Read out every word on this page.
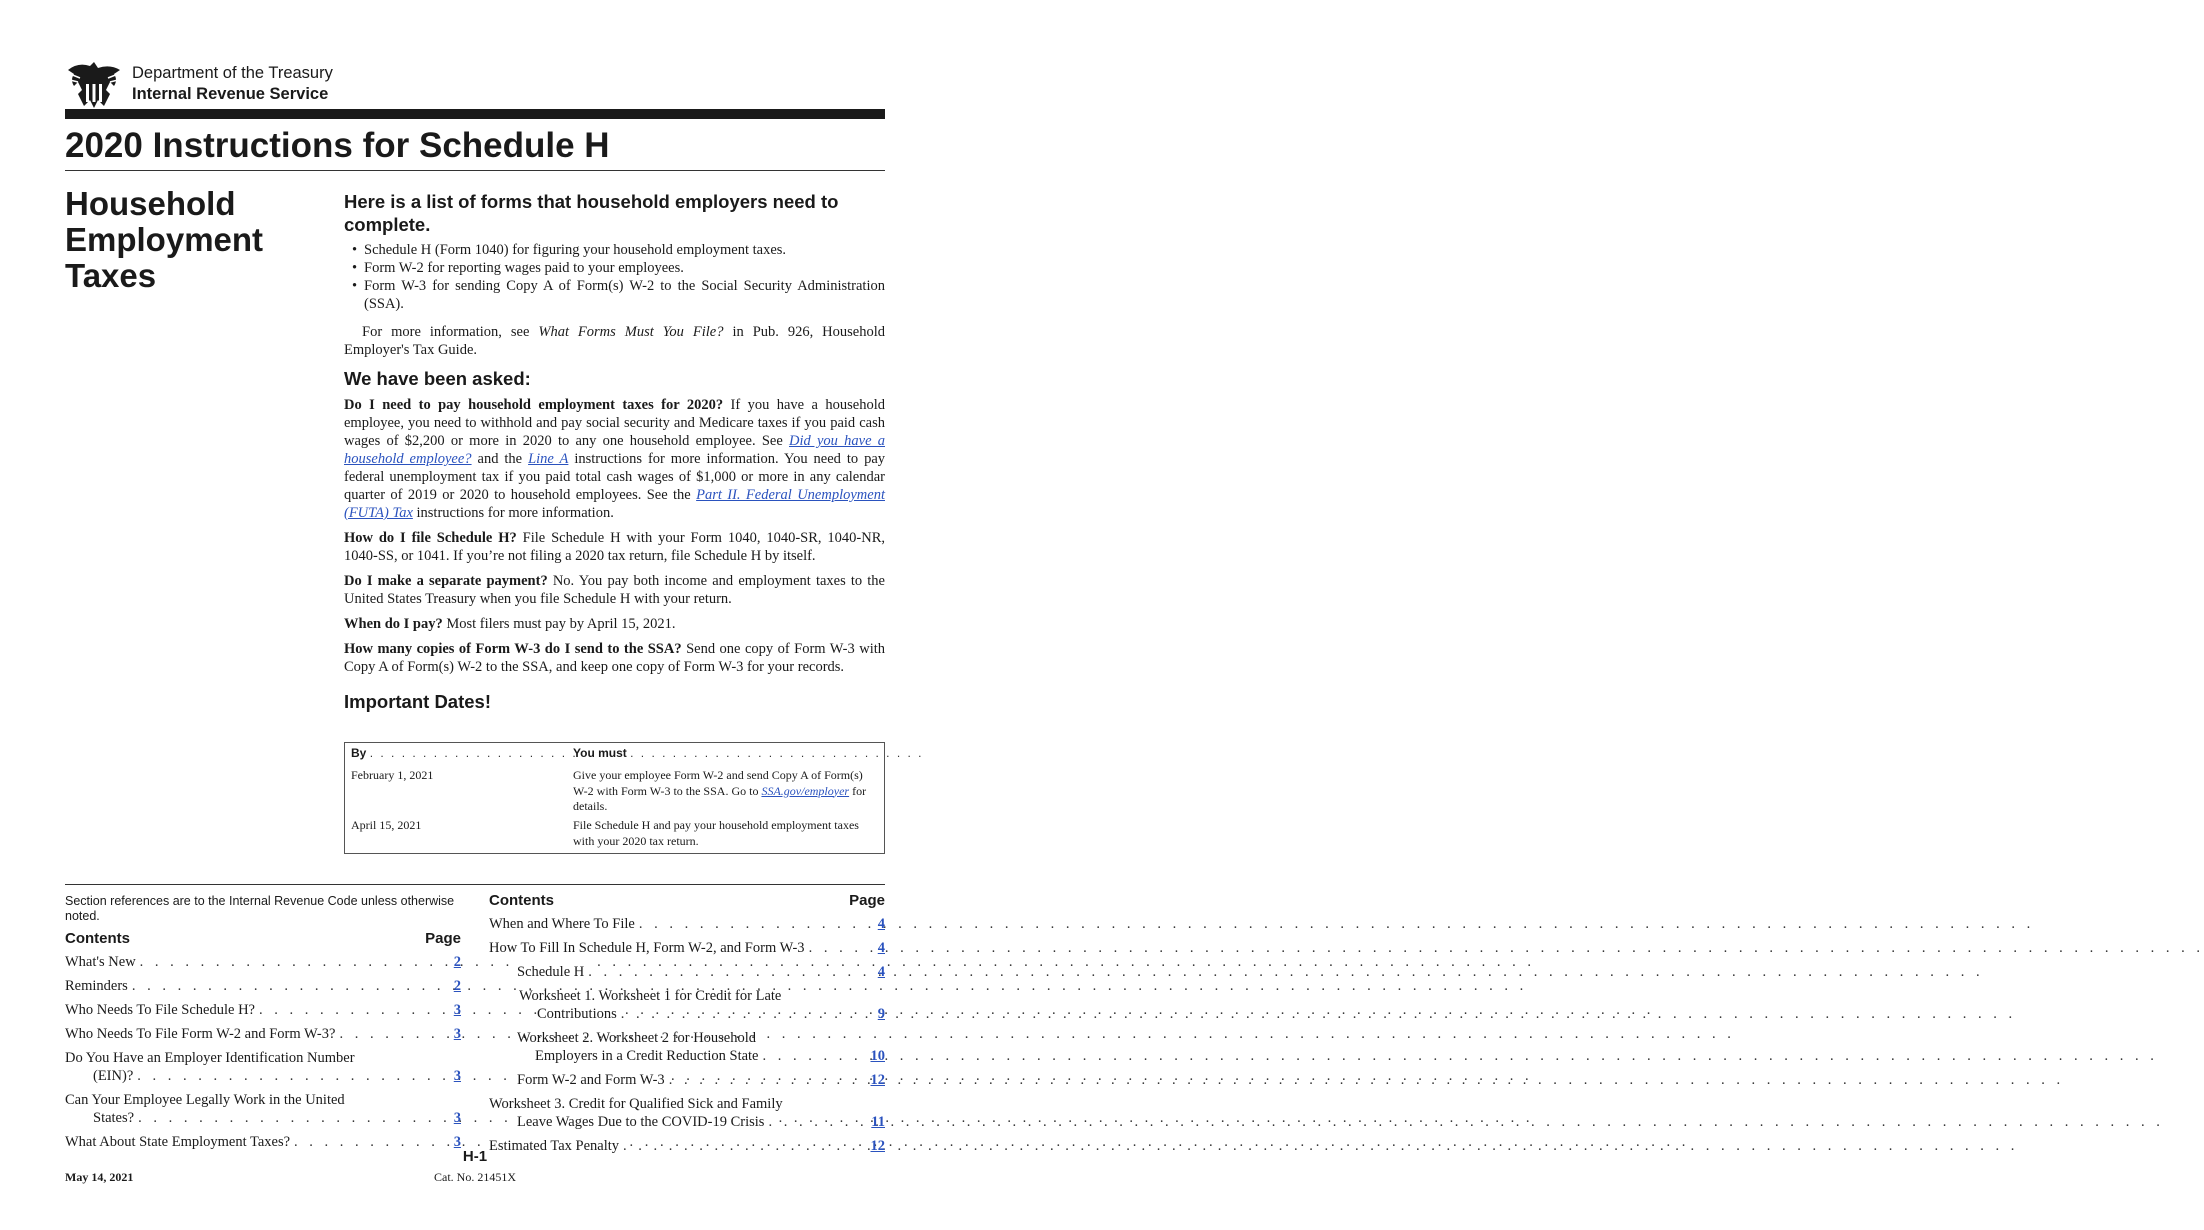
Department of the Treasury
Internal Revenue Service
2020 Instructions for Schedule H
Household Employment Taxes
Here is a list of forms that household employers need to complete.
• Schedule H (Form 1040) for figuring your household employment taxes.
• Form W-2 for reporting wages paid to your employees.
• Form W-3 for sending Copy A of Form(s) W-2 to the Social Security Administration (SSA).

For more information, see What Forms Must You File? in Pub. 926, Household Employer's Tax Guide.

We have been asked:

Do I need to pay household employment taxes for 2020? If you have a household employee, you need to withhold and pay social security and Medicare taxes if you paid cash wages of $2,200 or more in 2020 to any one household employee. See Did you have a household employee? and the Line A instructions for more information. You need to pay federal unemployment tax if you paid total cash wages of $1,000 or more in any calendar quarter of 2019 or 2020 to household employees. See the Part II. Federal Unemployment (FUTA) Tax instructions for more information.

How do I file Schedule H? File Schedule H with your Form 1040, 1040-SR, 1040-NR, 1040-SS, or 1041. If you’re not filing a 2020 tax return, file Schedule H by itself.

Do I make a separate payment? No. You pay both income and employment taxes to the United States Treasury when you file Schedule H with your return.

When do I pay? Most filers must pay by April 15, 2021.

How many copies of Form W-3 do I send to the SSA? Send one copy of Form W-3 with Copy A of Form(s) W-2 to the SSA, and keep one copy of Form W-3 for your records.

Important Dates!
By . . . . . . . . . . . . . . . . . . . .
You must . . . . . . . . . . . . . . . . . . . . . . . . . . . .
February 1, 2021	Give your employee Form W-2 and send Copy A of Form(s) W-2 with Form W-3 to the SSA. Go to SSA.gov/employer for details.
April 15, 2021	File Schedule H and pay your household employment taxes with your 2020 tax return.
Section references are to the Internal Revenue Code unless otherwise noted.
Contents	Page
What's New . . .	2
Reminders . . .	2
Who Needs To File Schedule H? . . .	3
Who Needs To File Form W-2 and Form W-3? . . .	3
Do You Have an Employer Identification Number
(EIN)? . . .	3
Can Your Employee Legally Work in the United
States? . . .	3
What About State Employment Taxes? . . .	3
Contents	Page
When and Where To File . . .	4
How To Fill In Schedule H, Form W-2, and Form W-3 . . .	4
Schedule H . . .	4
Worksheet 1. Worksheet 1 for Credit for Late
Contributions . . .	9
Worksheet 2. Worksheet 2 for Household
Employers in a Credit Reduction State . . .	10
Form W-2 and Form W-3 . . .	12
Worksheet 3. Credit for Qualified Sick and Family
Leave Wages Due to the COVID-19 Crisis . . .	11
Estimated Tax Penalty . . .	12
H-1
May 14, 2021	Cat. No. 21451X
